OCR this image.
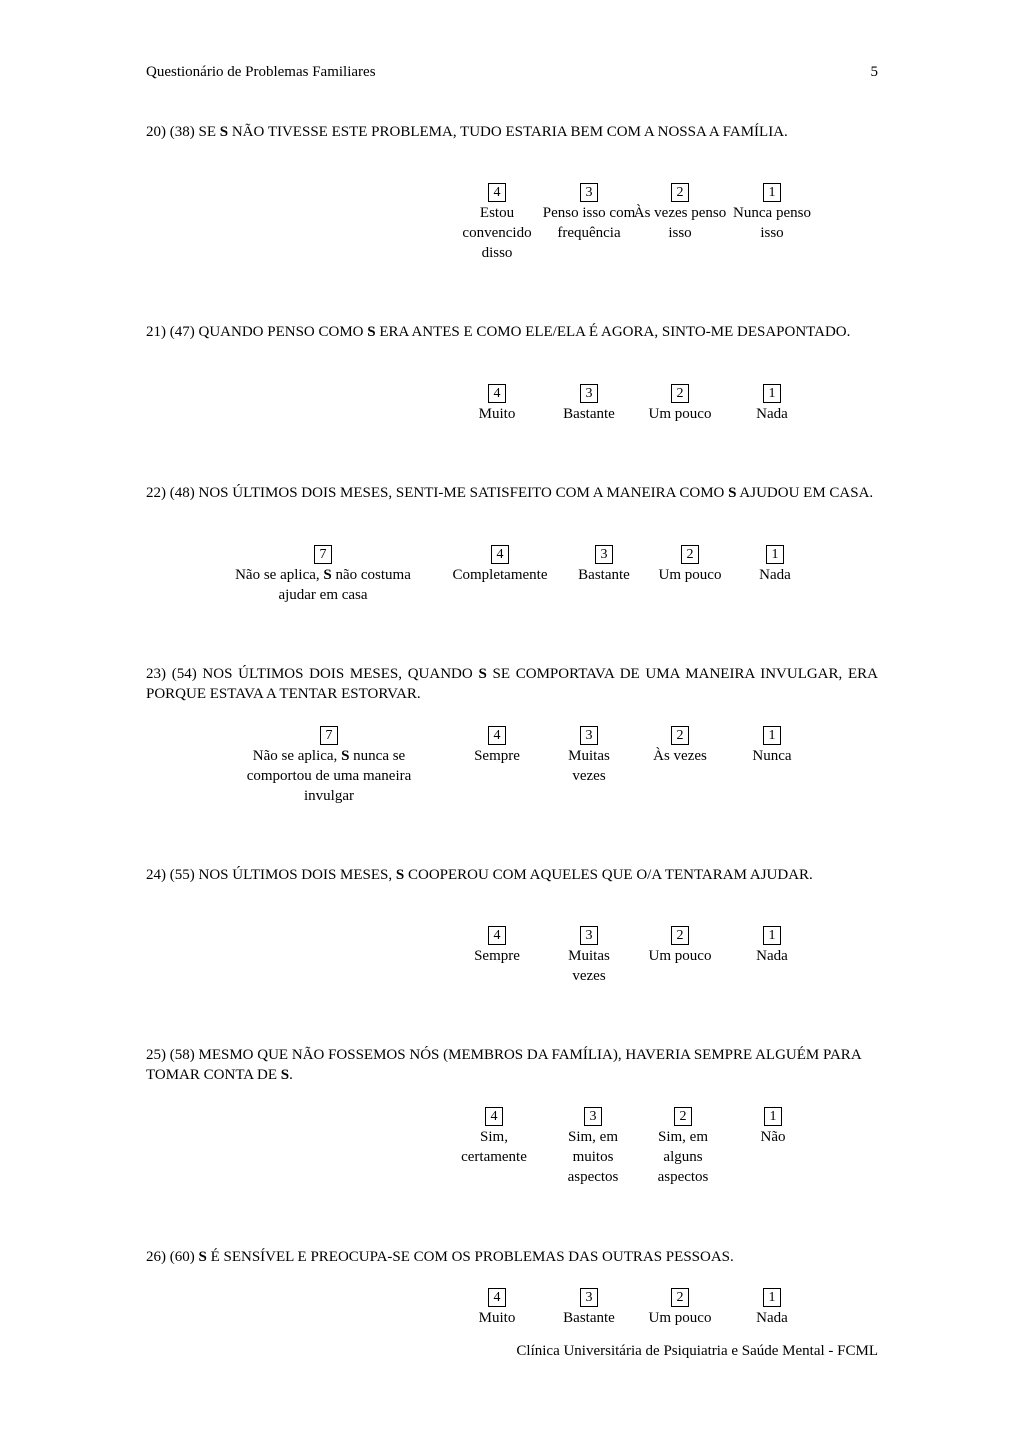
Questionário de Problemas Familiares	5
20) (38) SE S NÃO TIVESSE ESTE PROBLEMA, TUDO ESTARIA BEM COM A NOSSA A FAMÍLIA.
4
Estou convencido disso
3
Penso isso com frequência
2
Às vezes penso isso
1
Nunca penso isso
21) (47) QUANDO PENSO COMO S ERA ANTES E COMO ELE/ELA É AGORA, SINTO-ME DESAPONTADO.
4
Muito
3
Bastante
2
Um pouco
1
Nada
22) (48) NOS ÚLTIMOS DOIS MESES, SENTI-ME SATISFEITO COM A MANEIRA COMO S AJUDOU EM CASA.
7
Não se aplica, S não costuma ajudar em casa
4
Completamente
3
Bastante
2
Um pouco
1
Nada
23) (54) NOS ÚLTIMOS DOIS MESES, QUANDO S SE COMPORTAVA DE UMA MANEIRA INVULGAR, ERA PORQUE ESTAVA A TENTAR ESTORVAR.
7
Não se aplica, S nunca se comportou de uma maneira invulgar
4
Sempre
3
Muitas vezes
2
Às vezes
1
Nunca
24) (55) NOS ÚLTIMOS DOIS MESES, S COOPEROU COM AQUELES QUE O/A TENTARAM AJUDAR.
4
Sempre
3
Muitas vezes
2
Um pouco
1
Nada
25) (58) MESMO QUE NÃO FOSSEMOS NÓS (MEMBROS DA FAMÍLIA), HAVERIA SEMPRE ALGUÉM PARA TOMAR CONTA DE S.
4
Sim, certamente
3
Sim, em muitos aspectos
2
Sim, em alguns aspectos
1
Não
26) (60) S É SENSÍVEL E PREOCUPA-SE COM OS PROBLEMAS DAS OUTRAS PESSOAS.
4
Muito
3
Bastante
2
Um pouco
1
Nada
Clínica Universitária de Psiquiatria e Saúde Mental - FCML
